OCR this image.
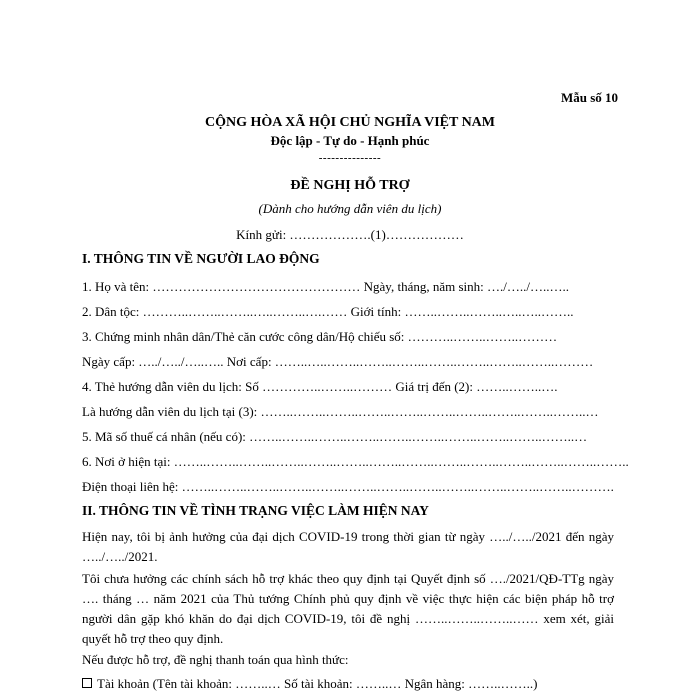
Mẫu số 10
CỘNG HÒA XÃ HỘI CHỦ NGHĨA VIỆT NAM
Độc lập - Tự do - Hạnh phúc
---------------
ĐỀ NGHỊ HỖ TRỢ
(Dành cho hướng dẫn viên du lịch)
Kính gửi: ……………….(1)………………
I. THÔNG TIN VỀ NGƯỜI LAO ĐỘNG
1. Họ và tên: ………………………………………… Ngày, tháng, năm sinh: …./…../…..…..
2. Dân tộc: ………..……..……..…..……..….…… Giới tính: ……..……..……..…..…..……..
3. Chứng minh nhân dân/Thẻ căn cước công dân/Hộ chiếu số: ………..……..……..………
Ngày cấp: …../…../…..….. Nơi cấp: ……..…..……..……..……..……..……..……..……..………
4. Thẻ hướng dẫn viên du lịch: Số …………..……..……… Giá trị đến (2): ……..……..….
Là hướng dẫn viên du lịch tại (3): ……..……..……..……..……..……..……..……..……..……..…
5. Mã số thuế cá nhân (nếu có): ……..……..……..……..……..……..……..……..……..……..…
6. Nơi ở hiện tại: ……..……..……..……..……..……..……..……..……..……..……..……..……..……..
Điện thoại liên hệ: ……..……..……..……..……..……..……..……..……..……..……..……..……….
II. THÔNG TIN VỀ TÌNH TRẠNG VIỆC LÀM HIỆN NAY
Hiện nay, tôi bị ảnh hưởng của đại dịch COVID-19 trong thời gian từ ngày …../…../2021 đến ngày …../…../2021.
Tôi chưa hưởng các chính sách hỗ trợ khác theo quy định tại Quyết định số …./2021/QĐ-TTg ngày …. tháng … năm 2021 của Thủ tướng Chính phủ quy định về việc thực hiện các biện pháp hỗ trợ người dân gặp khó khăn do đại dịch COVID-19, tôi đề nghị ……..……..……..…… xem xét, giải quyết hỗ trợ theo quy định.
Nếu được hỗ trợ, đề nghị thanh toán qua hình thức:
Tài khoản (Tên tài khoản: ……..… Số tài khoản: ……..… Ngân hàng: ……..……..)
